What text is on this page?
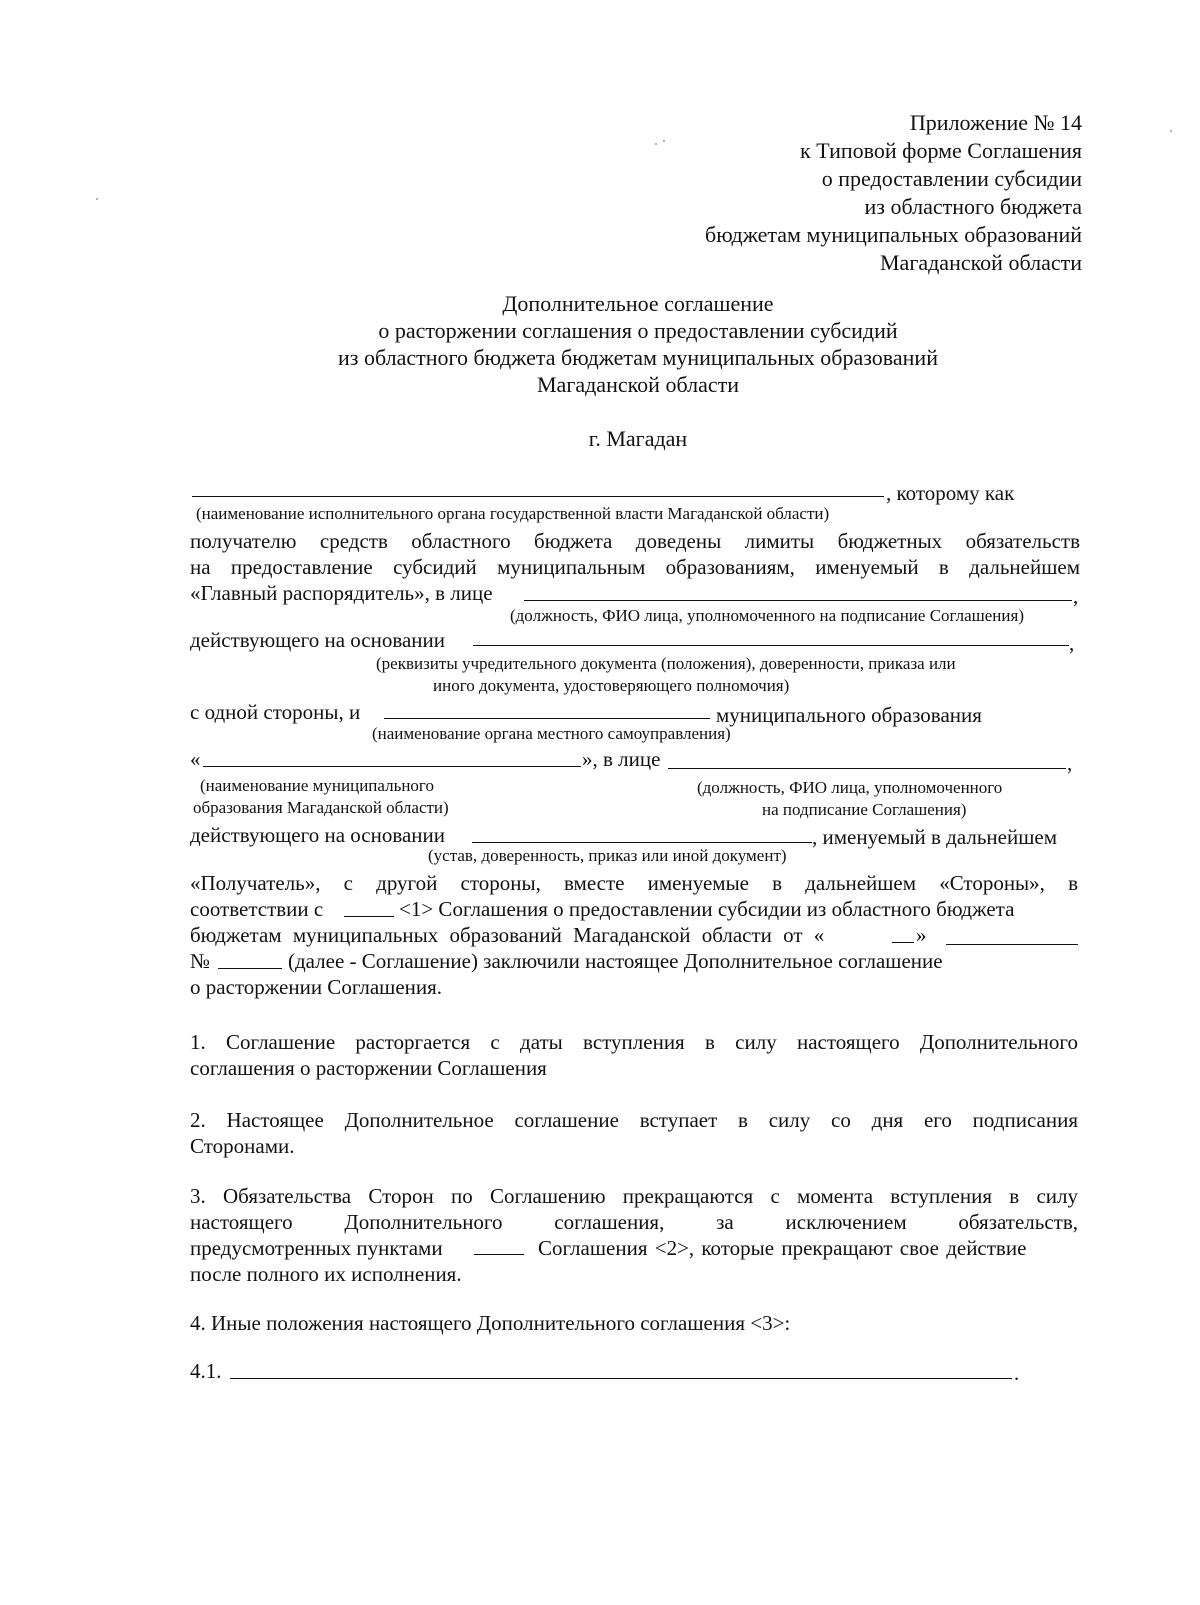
Приложение № 14
к Типовой форме Соглашения
о предоставлении субсидии
из областного бюджета
бюджетам муниципальных образований
Магаданской области
Дополнительное соглашение
о расторжении соглашения о предоставлении субсидий
из областного бюджета бюджетам муниципальных образований
Магаданской области
г. Магадан
, которому как
(наименование исполнительного органа государственной власти Магаданской области)
получателю средств областного бюджета доведены лимиты бюджетных обязательств
на предоставление субсидий муниципальным образованиям, именуемый в дальнейшем
«Главный распорядитель», в лице	,
(должность, ФИО лица, уполномоченного на подписание Соглашения)
действующего на основании	,
(реквизиты учредительного документа (положения), доверенности, приказа или
иного документа, удостоверяющего полномочия)
с одной стороны, и	муниципального образования
(наименование органа местного самоуправления)
«	», в лице	,
(наименование муниципального
образования Магаданской области)
(должность, ФИО лица, уполномоченного
на подписание Соглашения)
действующего на основании	, именуемый в дальнейшем
(устав, доверенность, приказ или иной документ)
«Получатель», с другой стороны, вместе именуемые в дальнейшем «Стороны», в
соответствии с	<1> Соглашения о предоставлении субсидии из областного бюджета
бюджетам муниципальных образований Магаданской области от «	»
№	(далее - Соглашение) заключили настоящее Дополнительное соглашение
о расторжении Соглашения.
1. Соглашение расторгается с даты вступления в силу настоящего Дополнительного
соглашения о расторжении Соглашения
2. Настоящее Дополнительное соглашение вступает в силу со дня его подписания
Сторонами.
3. Обязательства Сторон по Соглашению прекращаются с момента вступления в силу
настоящего Дополнительного соглашения, за исключением обязательств,
предусмотренных пунктами	Соглашения <2>, которые прекращают свое действие
после полного их исполнения.
4. Иные положения настоящего Дополнительного соглашения <3>:
4.1.	.
